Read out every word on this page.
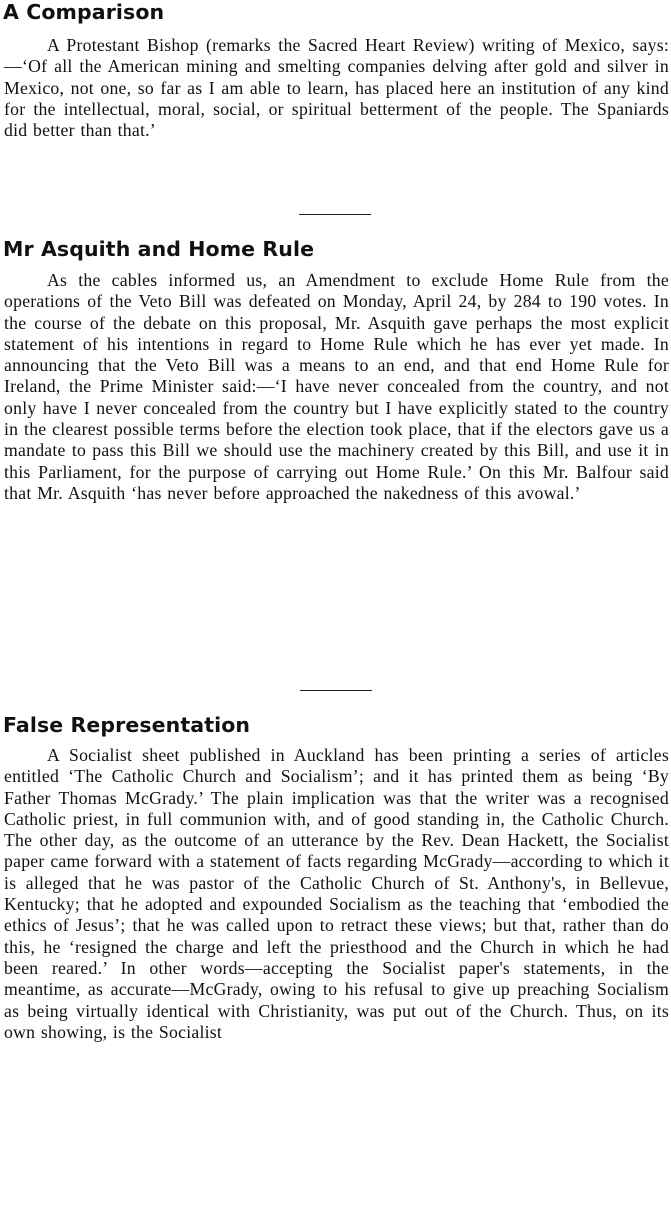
A Comparison

A Protestant Bishop (remarks the Sacred Heart Review) writing of Mexico, says:—‘Of all the American mining and smelting companies delving after gold and silver in Mexico, not one, so far as I am able to learn, has placed here an institution of any kind for the intellectual, moral, social, or spiritual betterment of the people. The Spaniards did better than that.’

Mr Asquith and Home Rule

As the cables informed us, an Amendment to exclude Home Rule from the operations of the Veto Bill was defeated on Monday, April 24, by 284 to 190 votes. In the course of the debate on this proposal, Mr. Asquith gave perhaps the most explicit statement of his intentions in regard to Home Rule which he has ever yet made. In announcing that the Veto Bill was a means to an end, and that end Home Rule for Ireland, the Prime Minister said:—‘I have never concealed from the country, and not only have I never concealed from the country but I have explicitly stated to the country in the clearest possible terms before the election took place, that if the electors gave us a mandate to pass this Bill we should use the machinery created by this Bill, and use it in this Parliament, for the purpose of carrying out Home Rule.’ On this Mr. Balfour said that Mr. Asquith ‘has never before approached the nakedness of this avowal.’

False Representation

A Socialist sheet published in Auckland has been printing a series of articles entitled ‘The Catholic Church and Socialism’; and it has printed them as being ‘By Father Thomas McGrady.’ The plain implication was that the writer was a recognised Catholic priest, in full communion with, and of good standing in, the Catholic Church. The other day, as the outcome of an utterance by the Rev. Dean Hackett, the Socialist paper came forward with a statement of facts regarding McGrady—according to which it is alleged that he was pastor of the Catholic Church of St. Anthony's, in Bellevue, Kentucky; that he adopted and expounded Socialism as the teaching that ‘embodied the ethics of Jesus’; that he was called upon to retract these views; but that, rather than do this, he ‘resigned the charge and left the priesthood and the Church in which he had been reared.’ In other words—accepting the Socialist paper's statements, in the meantime, as accurate—McGrady, owing to his refusal to give up preaching Socialism as being virtually identical with Christianity, was put out of the Church. Thus, on its own showing, is the Socialist
